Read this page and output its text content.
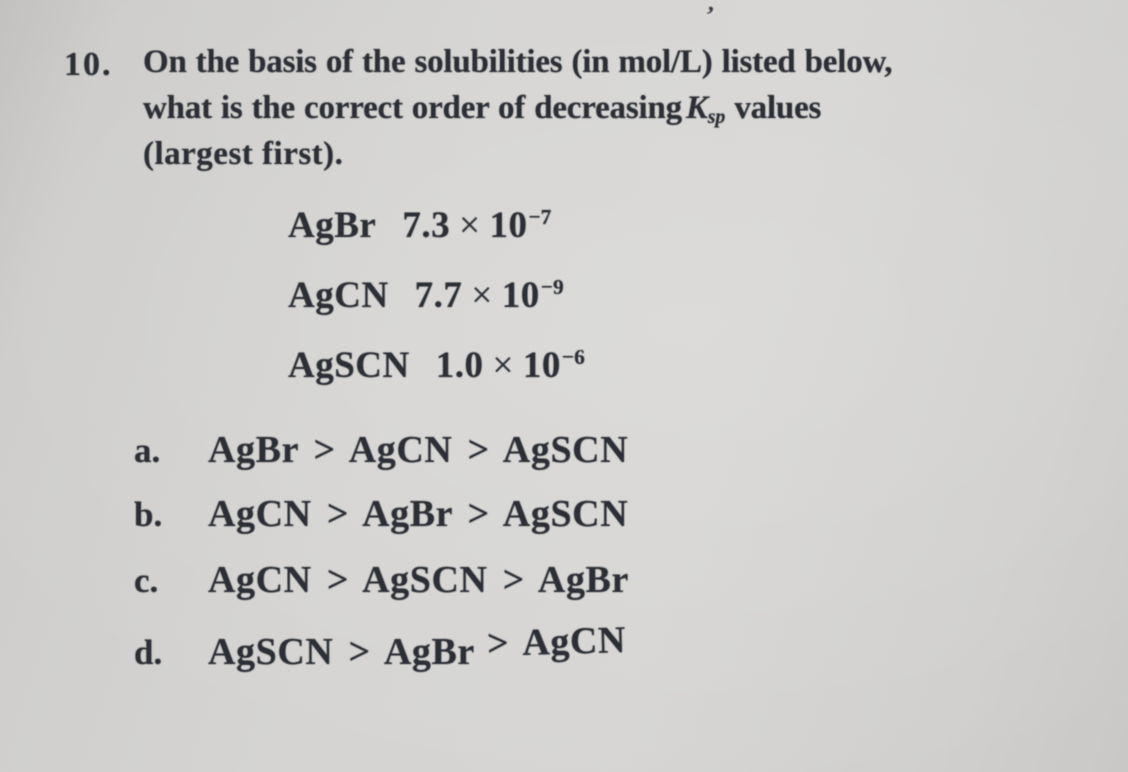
’
10. On the basis of the solubilities (in mol/L) listed below,
what is the correct order of decreasing Ksp values
(largest first).
AgBr $7.3 \times 10^{-7}$
AgCN $7.7 \times 10^{-9}$
AgSCN $1.0 \times 10^{-6}$
a. AgBr > AgCN > AgSCN
b. AgCN > AgBr > AgSCN
c. AgCN > AgSCN > AgBr
d. AgSCN > AgBr > AgCN
